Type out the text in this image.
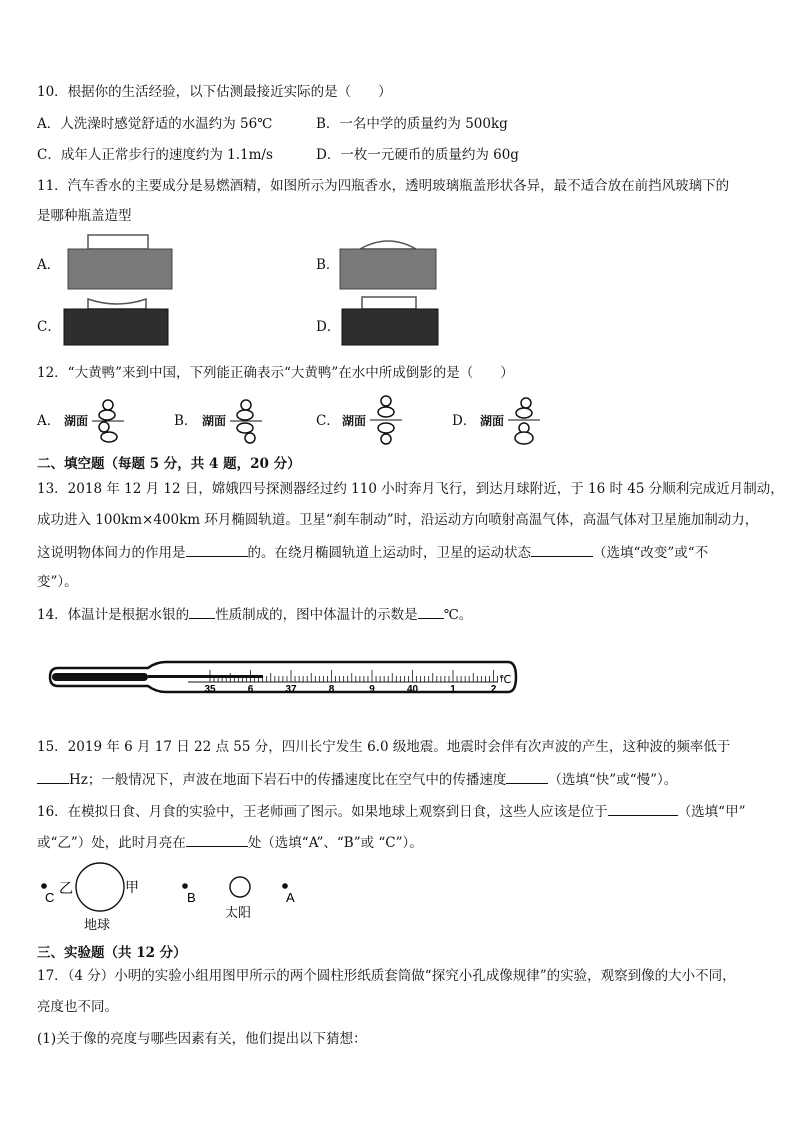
10．根据你的生活经验，以下估测最接近实际的是（　　）
A．人洗澡时感觉舒适的水温约为 56℃	B．一名中学的质量约为 500kg
C．成年人正常步行的速度约为 1.1m/s	D．一枚一元硬币的质量约为 60g
11．汽车香水的主要成分是易燃酒精，如图所示为四瓶香水，透明玻璃瓶盖形状各异，最不适合放在前挡风玻璃下的
是哪种瓶盖造型
A．	B．
C．	D．
12．“大黄鸭”来到中国，下列能正确表示“大黄鸭”在水中所成倒影的是（　　）
A． 湖面	B． 湖面	C． 湖面	D． 湖面
二、填空题（每题 5 分，共 4 题，20 分）
13．2018 年 12 月 12 日，嫦娥四号探测器经过约 110 小时奔月飞行，到达月球附近，于 16 时 45 分顺利完成近月制动，
成功进入 100km×400km 环月椭圆轨道。卫星“刹车制动”时，沿运动方向喷射高温气体，高温气体对卫星施加制动力，
这说明物体间力的作用是	的。在绕月椭圆轨道上运动时，卫星的运动状态	（选填“改变”或“不
变”）。
14．体温计是根据水银的 性质制成的，图中体温计的示数是 ℃。
35	6	37	8	9	40	1	2
℃
15．2019 年 6 月 17 日 22 点 55 分，四川长宁发生 6.0 级地震。地震时会伴有次声波的产生，这种波的频率低于
Hz；一般情况下，声波在地面下岩石中的传播速度比在空气中的传播速度	（选填“快”或“慢”）。
16．在模拟日食、月食的实验中，王老师画了图示。如果地球上观察到日食，这些人应该是位于	（选填“甲”
或“乙”）处，此时月亮在	处（选填“A”、“B”或 “C”）。
C
乙	甲
地球
B
太阳
A
三、实验题（共 12 分）
17．（4 分）小明的实验小组用图甲所示的两个圆柱形纸质套筒做“探究小孔成像规律”的实验，观察到像的大小不同，
亮度也不同。
(1)关于像的亮度与哪些因素有关，他们提出以下猜想：
